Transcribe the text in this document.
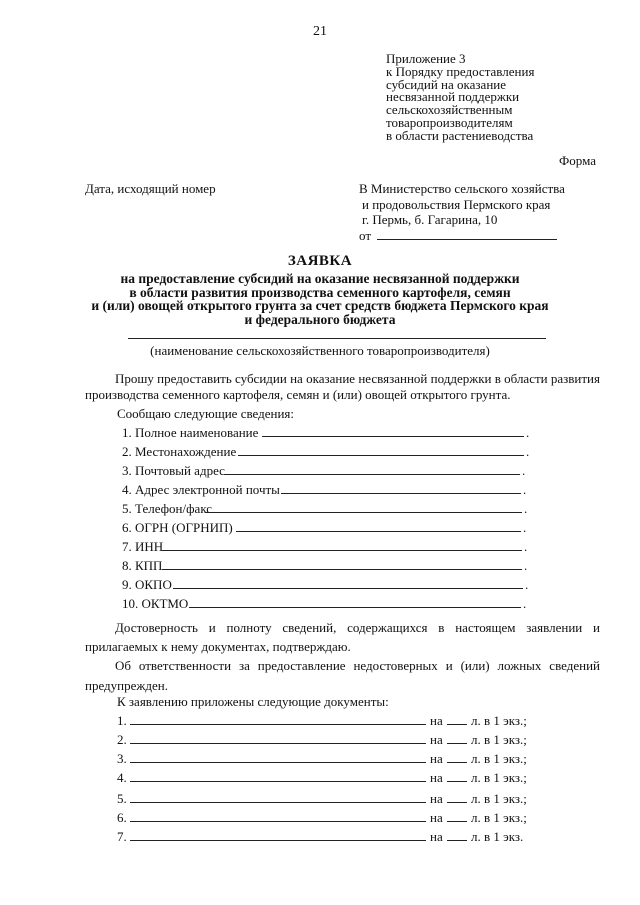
21
Приложение 3
к Порядку предоставления
субсидий на оказание
несвязанной поддержки
сельскохозяйственным
товаропроизводителям
в области растениеводства
Форма
Дата, исходящий номер	В Министерство сельского хозяйства
и продовольствия Пермского края
г. Пермь, б. Гагарина, 10
от
ЗАЯВКА
на предоставление субсидий на оказание несвязанной поддержки
в области развития производства семенного картофеля, семян
и (или) овощей открытого грунта за счет средств бюджета Пермского края
и федерального бюджета
(наименование сельскохозяйственного товаропроизводителя)
Прошу предоставить субсидии на оказание несвязанной поддержки в области развития производства семенного картофеля, семян и (или) овощей открытого грунта.
Сообщаю следующие сведения:
1. Полное наименование	.
2. Местонахождение	.
3. Почтовый адрес	.
4. Адрес электронной почты	.
5. Телефон/факс	.
6. ОГРН (ОГРНИП)	.
7. ИНН	.
8. КПП	.
9. ОКПО	.
10. ОКТМО	.
Достоверность и полноту сведений, содержащихся в настоящем заявлении и прилагаемых к нему документах, подтверждаю.
Об ответственности за предоставление недостоверных и (или) ложных сведений предупрежден.
К заявлению приложены следующие документы:
1.	на л. в 1 экз.;
2.	на л. в 1 экз.;
3.	на л. в 1 экз.;
4.	на л. в 1 экз.;
5.	на л. в 1 экз.;
6.	на л. в 1 экз.;
7.	на л. в 1 экз.
